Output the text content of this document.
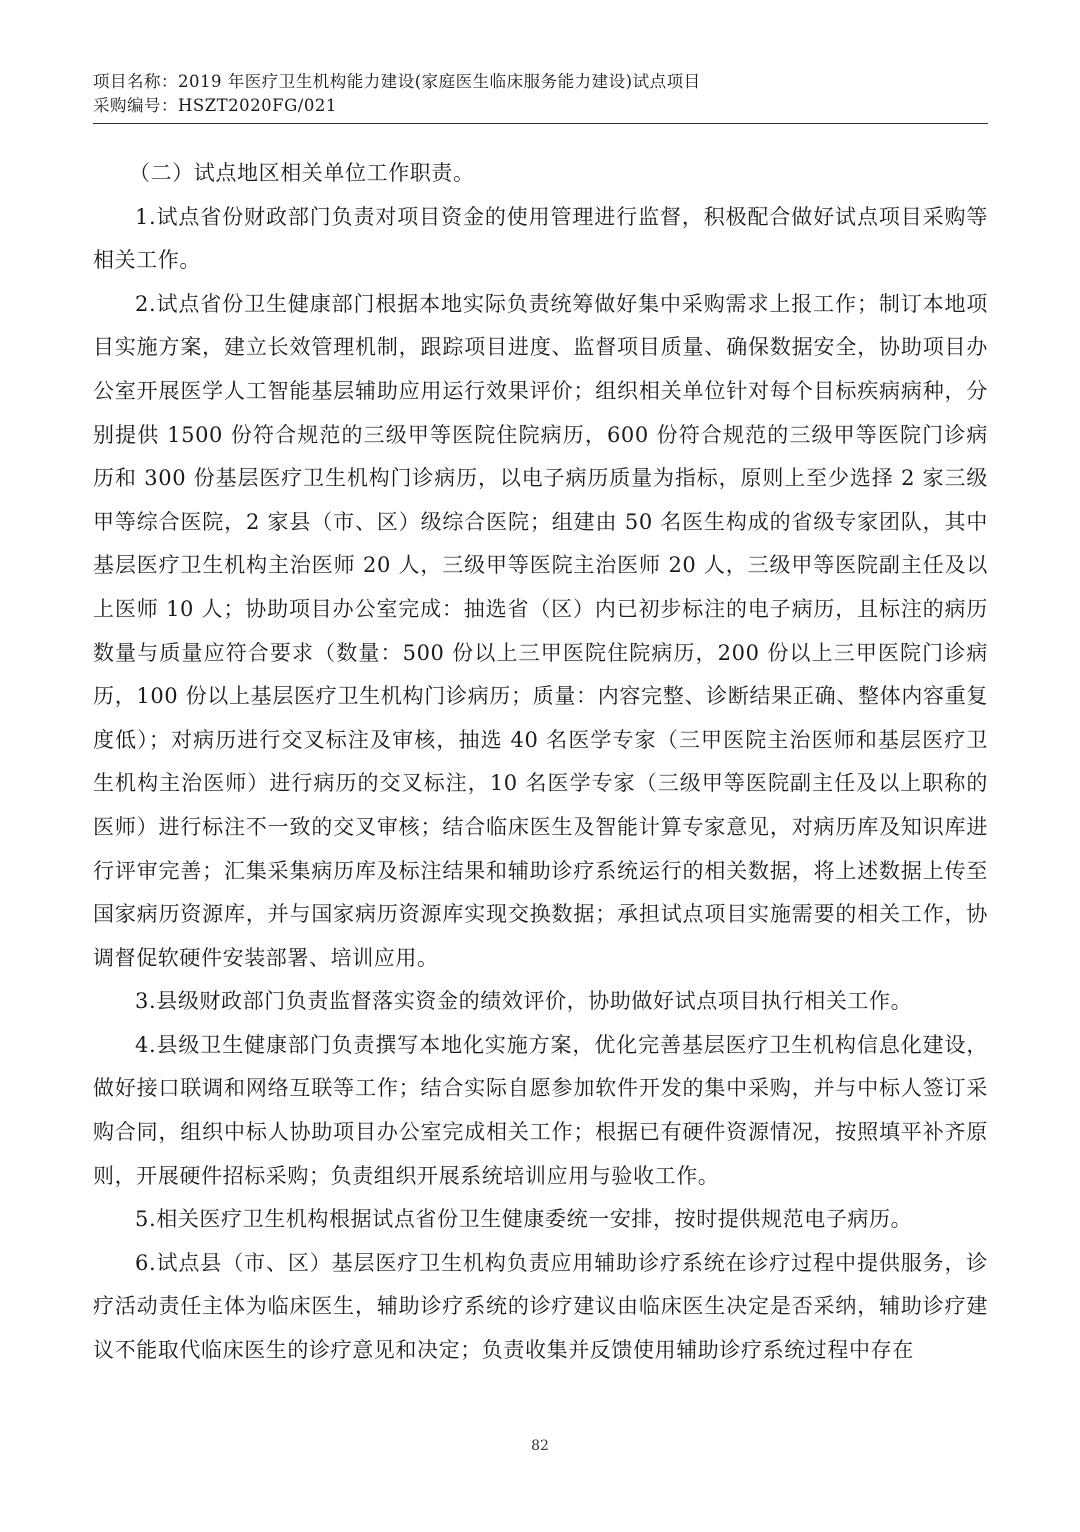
项目名称：2019 年医疗卫生机构能力建设(家庭医生临床服务能力建设)试点项目
采购编号：HSZT2020FG/021

（二）试点地区相关单位工作职责。

1.试点省份财政部门负责对项目资金的使用管理进行监督，积极配合做好试点项目采购等相关工作。

2.试点省份卫生健康部门根据本地实际负责统筹做好集中采购需求上报工作；制订本地项目实施方案，建立长效管理机制，跟踪项目进度、监督项目质量、确保数据安全，协助项目办公室开展医学人工智能基层辅助应用运行效果评价；组织相关单位针对每个目标疾病病种，分别提供 1500 份符合规范的三级甲等医院住院病历，600 份符合规范的三级甲等医院门诊病历和 300 份基层医疗卫生机构门诊病历，以电子病历质量为指标，原则上至少选择 2 家三级甲等综合医院，2 家县（市、区）级综合医院；组建由 50 名医生构成的省级专家团队，其中基层医疗卫生机构主治医师 20 人，三级甲等医院主治医师 20 人，三级甲等医院副主任及以上医师 10 人；协助项目办公室完成：抽选省（区）内已初步标注的电子病历，且标注的病历数量与质量应符合要求（数量：500 份以上三甲医院住院病历，200 份以上三甲医院门诊病历，100 份以上基层医疗卫生机构门诊病历；质量：内容完整、诊断结果正确、整体内容重复度低）；对病历进行交叉标注及审核，抽选 40 名医学专家（三甲医院主治医师和基层医疗卫生机构主治医师）进行病历的交叉标注，10 名医学专家（三级甲等医院副主任及以上职称的医师）进行标注不一致的交叉审核；结合临床医生及智能计算专家意见，对病历库及知识库进行评审完善；汇集采集病历库及标注结果和辅助诊疗系统运行的相关数据，将上述数据上传至国家病历资源库，并与国家病历资源库实现交换数据；承担试点项目实施需要的相关工作，协调督促软硬件安装部署、培训应用。

3.县级财政部门负责监督落实资金的绩效评价，协助做好试点项目执行相关工作。

4.县级卫生健康部门负责撰写本地化实施方案，优化完善基层医疗卫生机构信息化建设，做好接口联调和网络互联等工作；结合实际自愿参加软件开发的集中采购，并与中标人签订采购合同，组织中标人协助项目办公室完成相关工作；根据已有硬件资源情况，按照填平补齐原则，开展硬件招标采购；负责组织开展系统培训应用与验收工作。

5.相关医疗卫生机构根据试点省份卫生健康委统一安排，按时提供规范电子病历。

6.试点县（市、区）基层医疗卫生机构负责应用辅助诊疗系统在诊疗过程中提供服务，诊疗活动责任主体为临床医生，辅助诊疗系统的诊疗建议由临床医生决定是否采纳，辅助诊疗建议不能取代临床医生的诊疗意见和决定；负责收集并反馈使用辅助诊疗系统过程中存在

82
